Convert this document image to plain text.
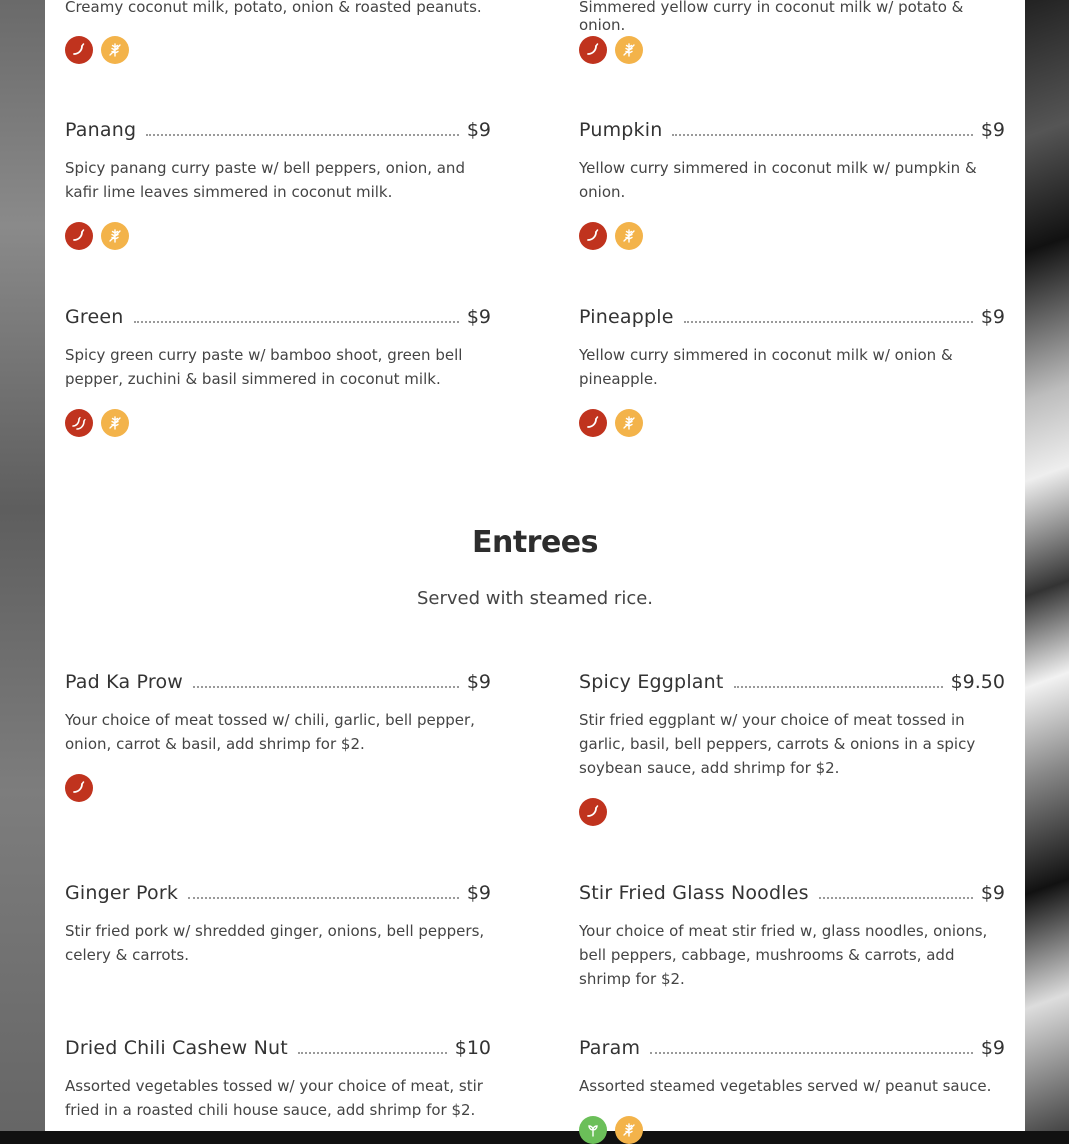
Creamy coconut milk, potato, onion & roasted peanuts.	Simmered yellow curry in coconut milk w/ potato & onion.
Panang	$9
Spicy panang curry paste w/ bell peppers, onion, and kafir lime leaves simmered in coconut milk.
Pumpkin	$9
Yellow curry simmered in coconut milk w/ pumpkin & onion.
Green	$9
Spicy green curry paste w/ bamboo shoot, green bell pepper, zuchini & basil simmered in coconut milk.
Pineapple	$9
Yellow curry simmered in coconut milk w/ onion & pineapple.
Entrees
Served with steamed rice.
Pad Ka Prow	$9
Your choice of meat tossed w/ chili, garlic, bell pepper, onion, carrot & basil, add shrimp for $2.
Spicy Eggplant	$9.50
Stir fried eggplant w/ your choice of meat tossed in garlic, basil, bell peppers, carrots & onions in a spicy soybean sauce, add shrimp for $2.
Ginger Pork	$9
Stir fried pork w/ shredded ginger, onions, bell peppers, celery & carrots.
Stir Fried Glass Noodles	$9
Your choice of meat stir fried w, glass noodles, onions, bell peppers, cabbage, mushrooms & carrots, add shrimp for $2.
Dried Chili Cashew Nut	$10
Assorted vegetables tossed w/ your choice of meat, stir fried in a roasted chili house sauce, add shrimp for $2.
Param	$9
Assorted steamed vegetables served w/ peanut sauce.
